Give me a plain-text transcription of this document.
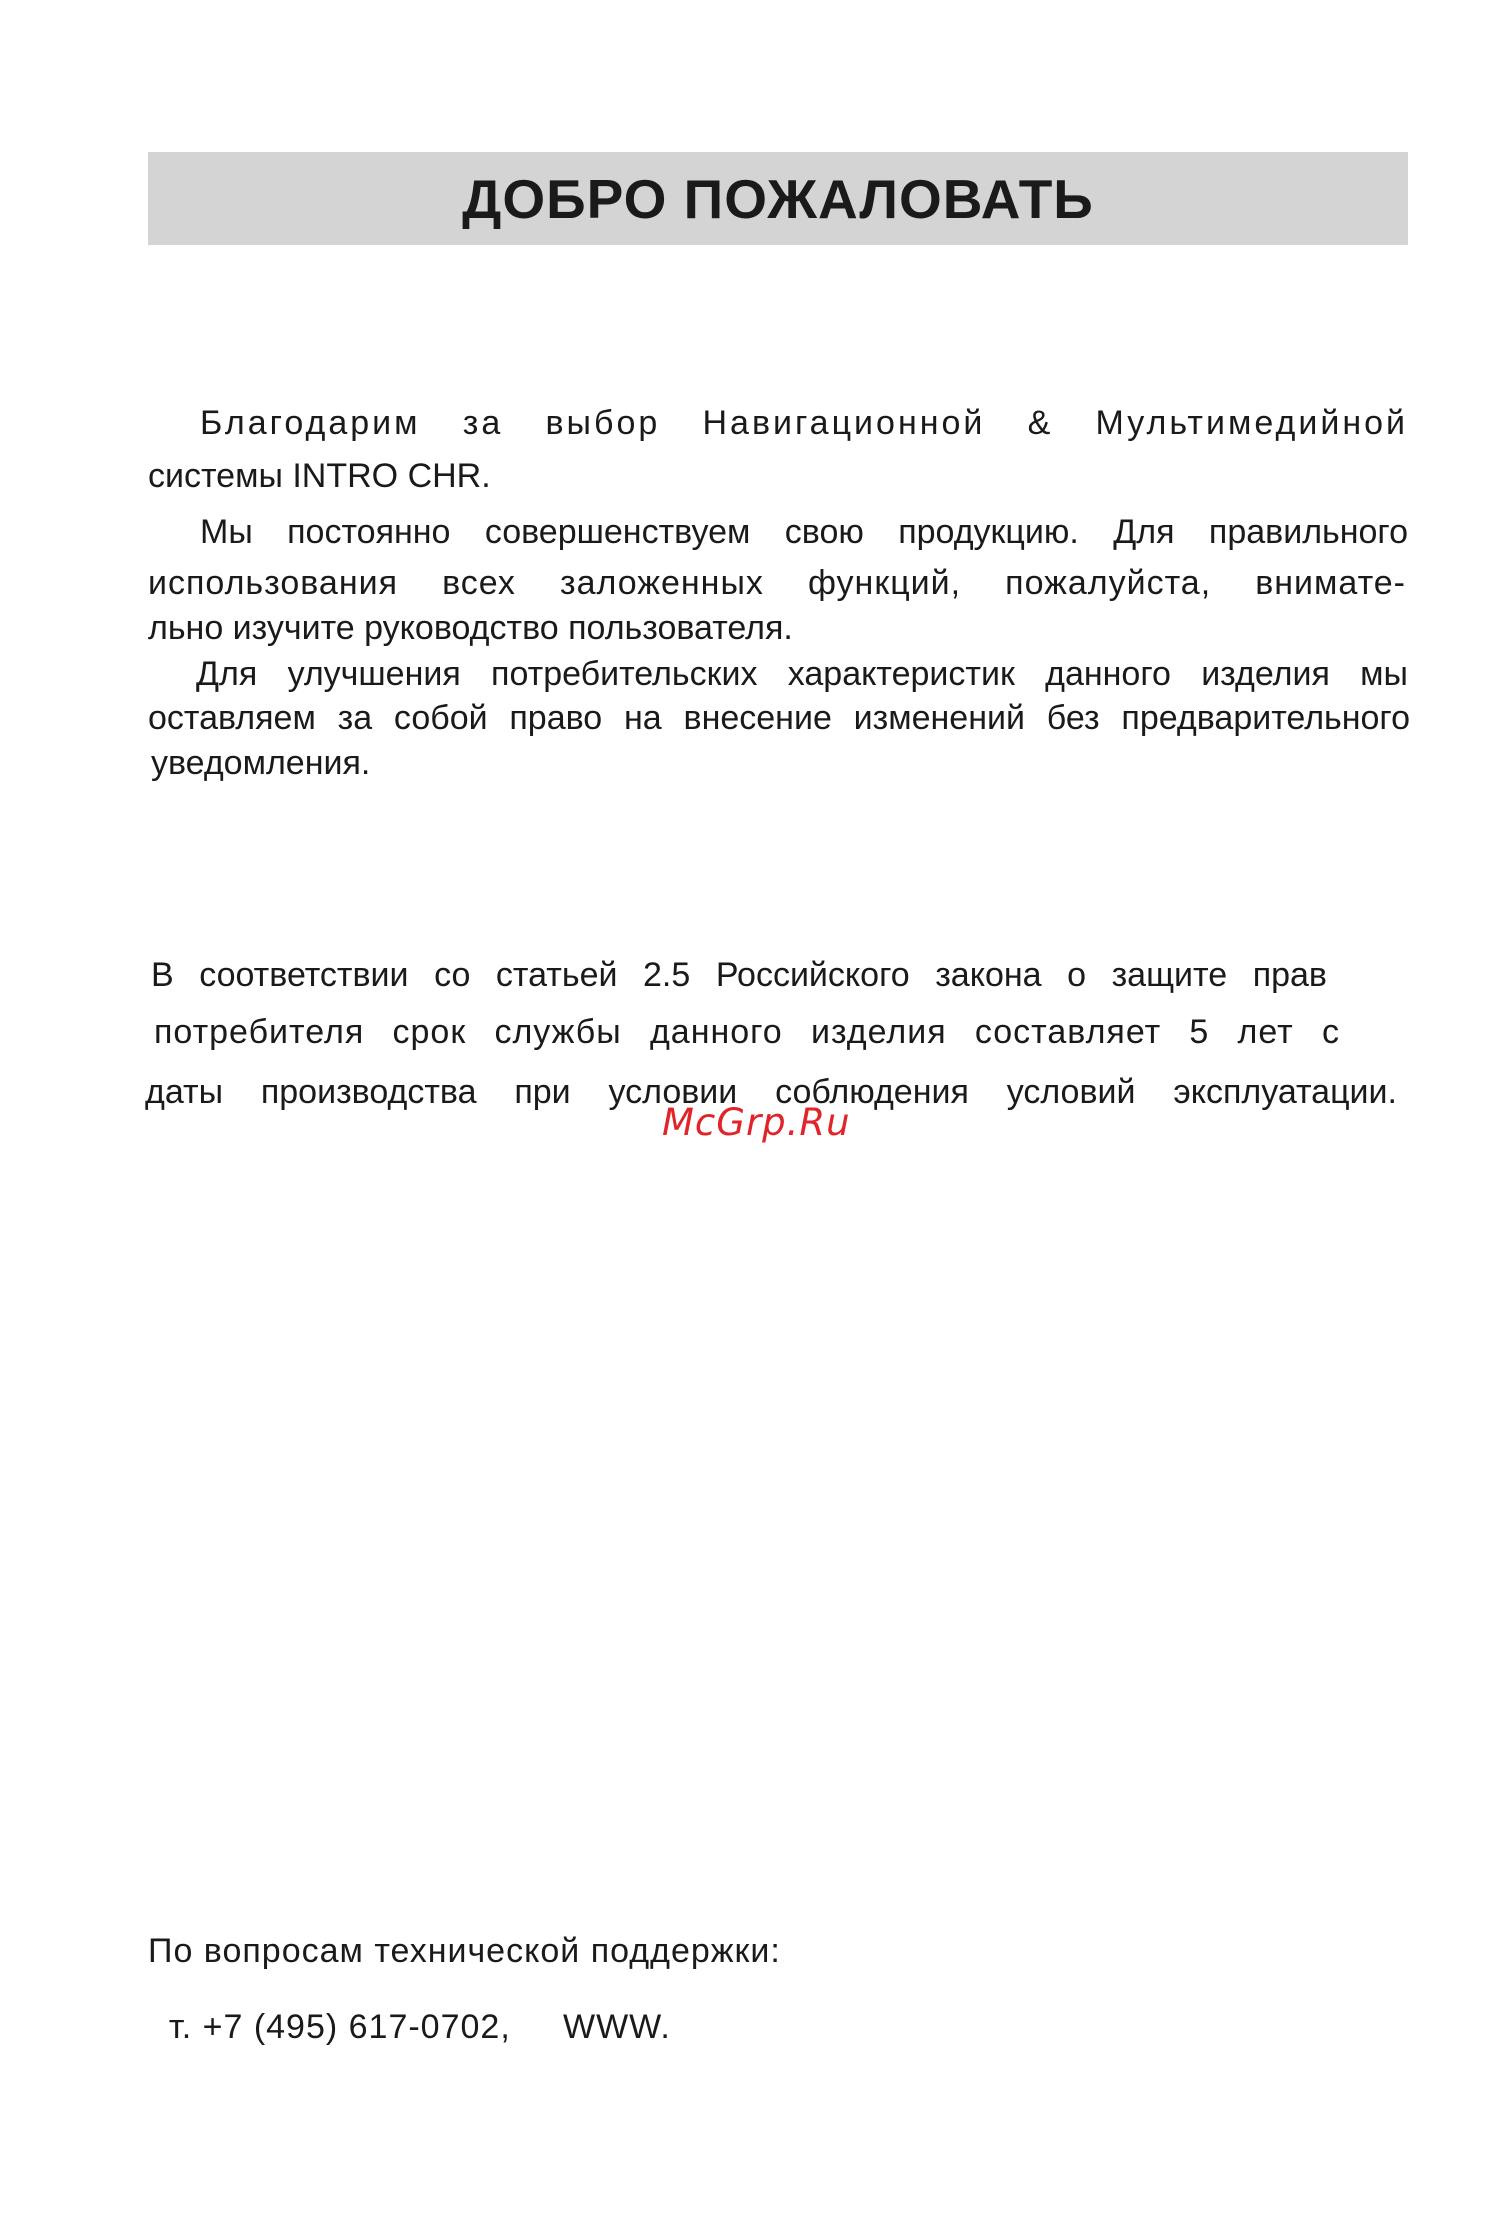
ДОБРО ПОЖАЛОВАТЬ
Благодарим за выбор Навигационной & Мультимедийной
системы INTRO CHR.
Мы постоянно совершенствуем свою продукцию. Для правильного
использования всех заложенных функций, пожалуйста, внимате-
льно изучите руководство пользователя.
Для улучшения потребительских характеристик данного изделия мы
оставляем за собой право на внесение изменений без предварительного
уведомления.
В соответствии со статьей 2.5 Российского закона о защите прав
потребителя срок службы данного изделия составляет 5 лет с
даты производства при условии соблюдения условий эксплуатации.
McGrp.Ru
По вопросам технической поддержки:

т. +7 (495) 617-0702,     WWW.
